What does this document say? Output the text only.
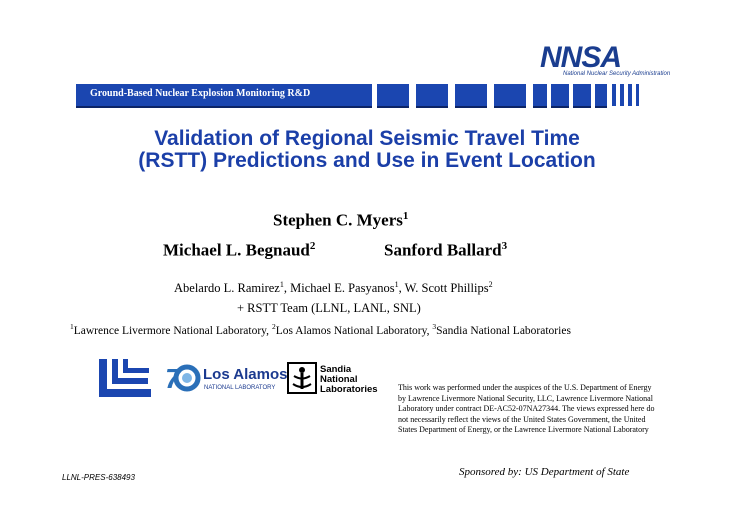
NNSA
National Nuclear Security Administration
Ground-Based Nuclear Explosion Monitoring R&D
Validation of Regional Seismic Travel Time
(RSTT) Predictions and Use in Event Location
Stephen C. Myers$^1$
Michael L. Begnaud$^2$	Sanford Ballard$^3$
Abelardo L. Ramirez$^1$, Michael E. Pasyanos$^1$, W. Scott Phillips$^2$
+ RSTT Team (LLNL, LANL, SNL)
$^1$Lawrence Livermore National Laboratory, $^2$Los Alamos National Laboratory, $^3$Sandia National Laboratories
7 Los Alamos
NATIONAL LABORATORY
Sandia
National
Laboratories	This work was performed under the auspices of the U.S. Department of Energy by Lawrence Livermore National Security, LLC, Lawrence Livermore National Laboratory under contract DE-AC52-07NA27344. The views expressed here do not necessarily reflect the views of the United States Government, the United States Department of Energy, or the Lawrence Livermore National Laboratory
Sponsored by: US Department of State
LLNL-PRES-638493
